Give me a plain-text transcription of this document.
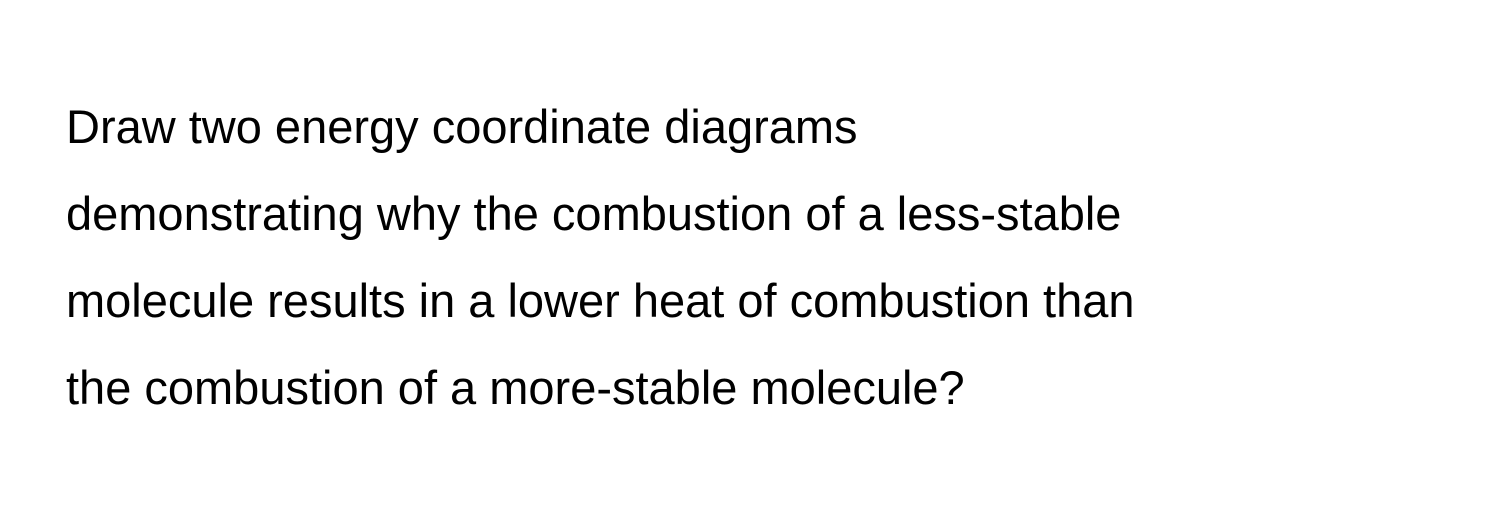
Draw two energy coordinate diagrams
demonstrating why the combustion of a less-stable
molecule results in a lower heat of combustion than
the combustion of a more-stable molecule?
